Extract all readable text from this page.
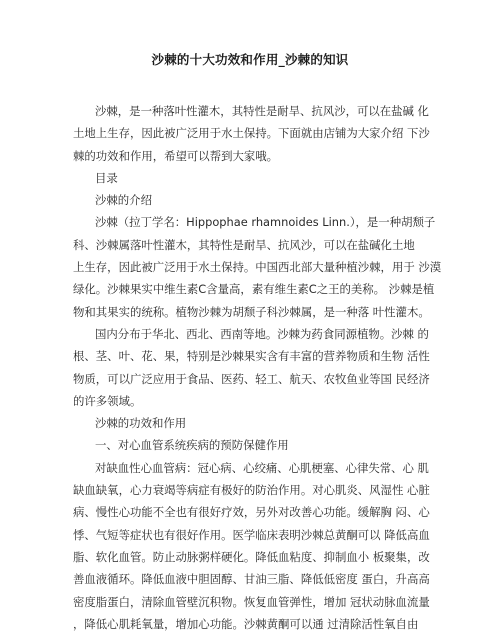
沙棘的十大功效和作用_沙棘的知识
沙棘，是一种落叶性灌木，其特性是耐旱、抗风沙，可以在盐碱 化
土地上生存，因此被广泛用于水土保持。下面就由店铺为大家介绍 下沙
棘的功效和作用，希望可以帮到大家哦。
目录
沙棘的介绍
沙棘（拉丁学名：Hippophae rhamnoides Linn.），是一种胡颓子
科、沙棘属落叶性灌木，其特性是耐旱、抗风沙，可以在盐碱化土地
上生存，因此被广泛用于水土保持。中国西北部大量种植沙棘，用于 沙漠
绿化。沙棘果实中维生素C含量高，素有维生素C之王的美称。 沙棘是植
物和其果实的统称。植物沙棘为胡颓子科沙棘属，是一种落 叶性灌木。
国内分布于华北、西北、西南等地。沙棘为药食同源植物。沙棘 的
根、茎、叶、花、果，特别是沙棘果实含有丰富的营养物质和生物 活性
物质，可以广泛应用于食品、医药、轻工、航天、农牧鱼业等国 民经济
的许多领域。
沙棘的功效和作用
一、对心血管系统疾病的预防保健作用
对缺血性心血管病：冠心病、心绞痛、心肌梗塞、心律失常、心 肌
缺血缺氧，心力衰竭等病症有极好的防治作用。对心肌炎、风湿性 心脏
病、慢性心功能不全也有很好疗效，另外对改善心功能。缓解胸 闷、心
悸、气短等症状也有很好作用。医学临床表明沙棘总黄酮可以 降低高血
脂、软化血管。防止动脉粥样硬化。降低血粘度、抑制血小 板聚集，改
善血液循环。降低血液中胆固醇、甘油三脂、降低低密度 蛋白，升高高
密度脂蛋白，清除血管壁沉积物。恢复血管弹性，增加 冠状动脉血流量
，降低心肌耗氧量，增加心功能。沙棘黄酮可以通 过清除活性氧自由
